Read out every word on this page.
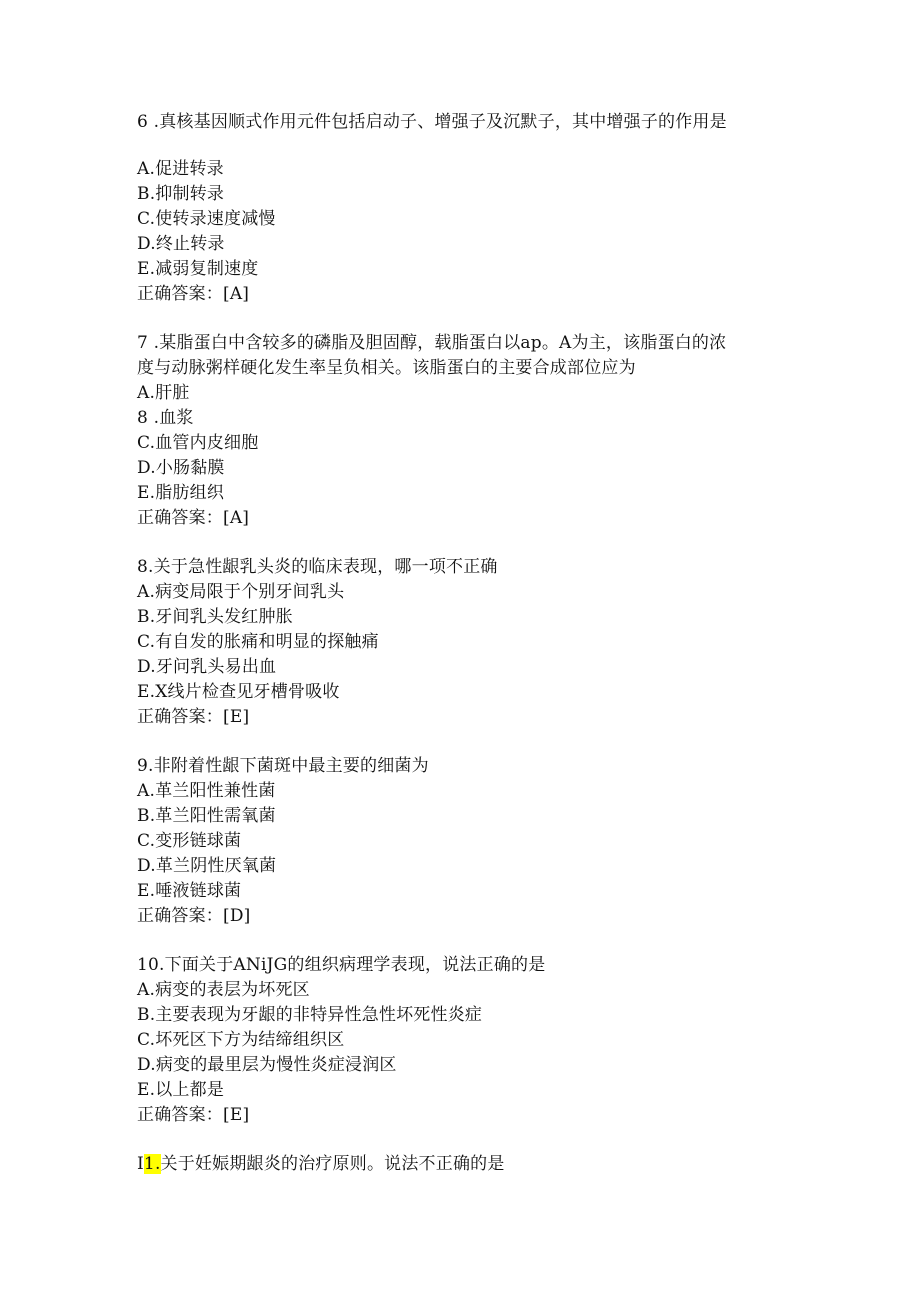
6 .真核基因顺式作用元件包括启动子、增强子及沉默子，其中增强子的作用是
A.促进转录
B.抑制转录
C.使转录速度减慢
D.终止转录
E.减弱复制速度
正确答案：[A]
7 .某脂蛋白中含较多的磷脂及胆固醇，载脂蛋白以ap。A为主，该脂蛋白的浓
度与动脉粥样硬化发生率呈负相关。该脂蛋白的主要合成部位应为
A.肝脏
8 .血浆
C.血管内皮细胞
D.小肠黏膜
E.脂肪组织
正确答案：[A]
8.关于急性龈乳头炎的临床表现，哪一项不正确
A.病变局限于个别牙间乳头
B.牙间乳头发红肿胀
C.有自发的胀痛和明显的探触痛
D.牙问乳头易出血
E.X线片检查见牙槽骨吸收
正确答案：[E]
9.非附着性龈下菌斑中最主要的细菌为
A.革兰阳性兼性菌
B.革兰阳性需氧菌
C.变形链球菌
D.革兰阴性厌氧菌
E.唾液链球菌
正确答案：[D]
10.下面关于ANiJG的组织病理学表现，说法正确的是
A.病变的表层为坏死区
B.主要表现为牙龈的非特异性急性坏死性炎症
C.坏死区下方为结缔组织区
D.病变的最里层为慢性炎症浸润区
E.以上都是
正确答案：[E]
I1.关于妊娠期龈炎的治疗原则。说法不正确的是
